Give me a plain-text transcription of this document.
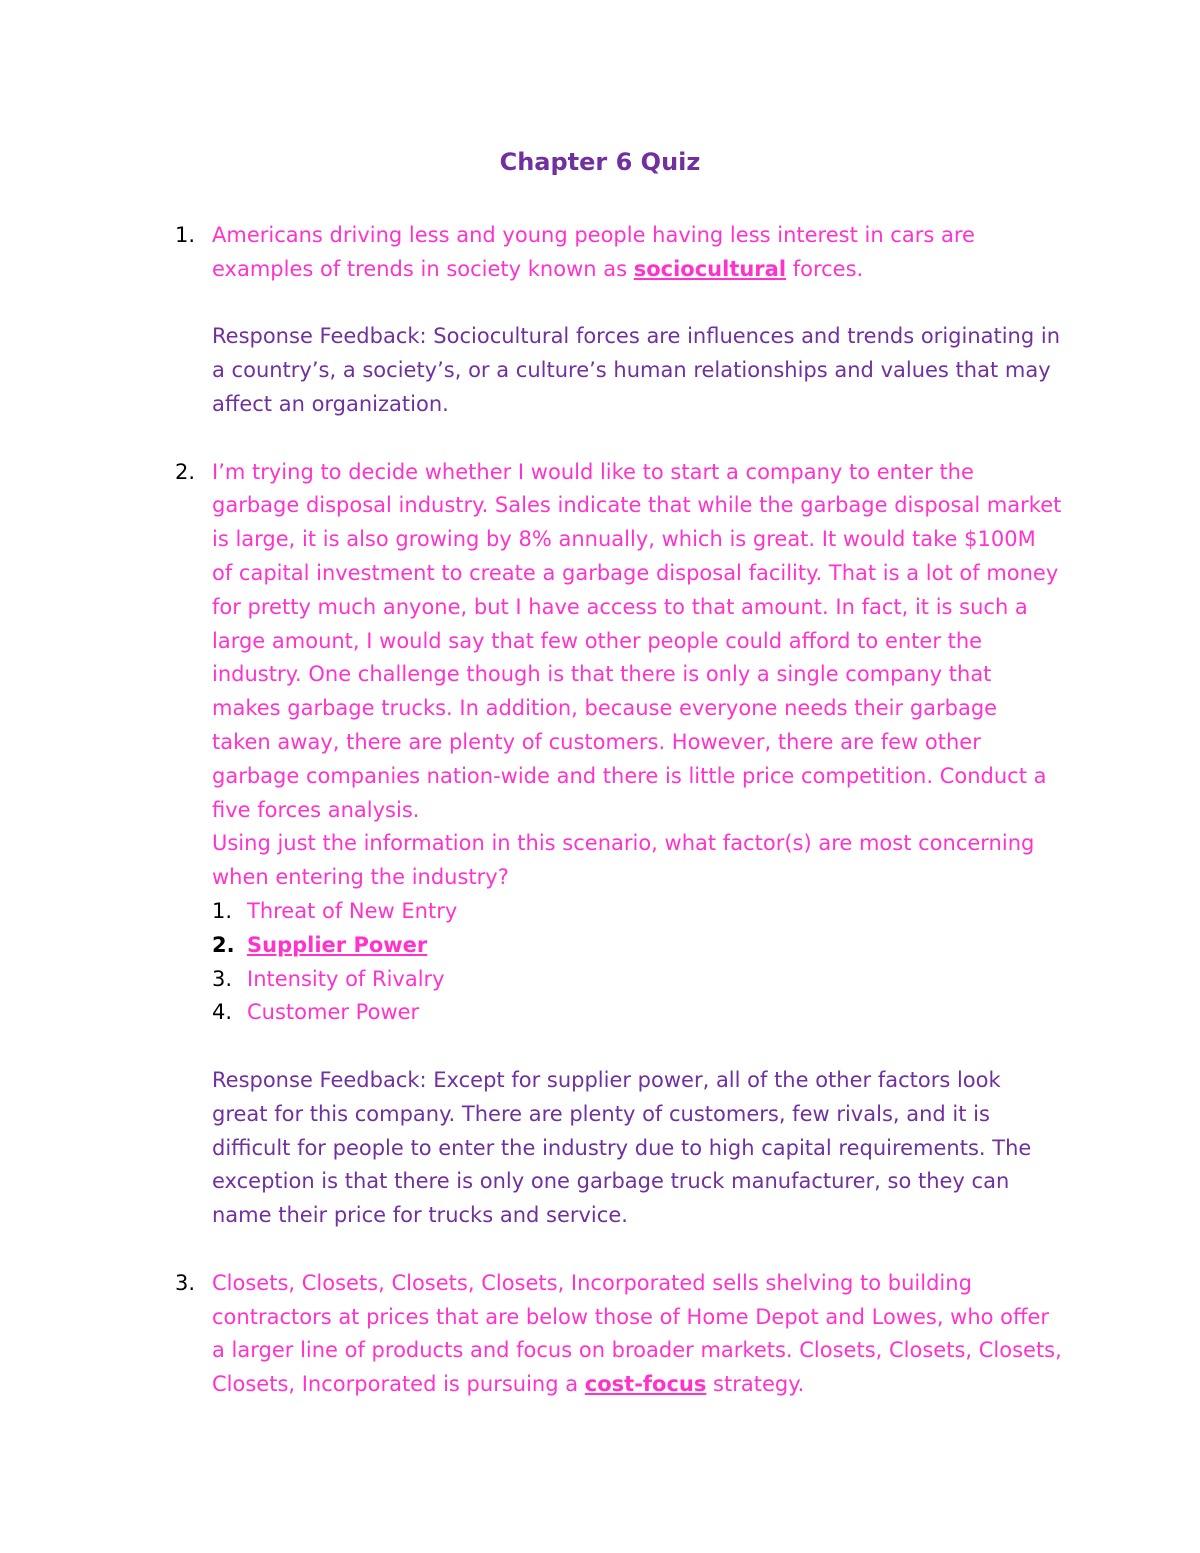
Chapter 6 Quiz
1. Americans driving less and young people having less interest in cars are examples of trends in society known as sociocultural forces.
Response Feedback: Sociocultural forces are influences and trends originating in a country’s, a society’s, or a culture’s human relationships and values that may affect an organization.
2. I’m trying to decide whether I would like to start a company to enter the garbage disposal industry. Sales indicate that while the garbage disposal market is large, it is also growing by 8% annually, which is great. It would take $100M of capital investment to create a garbage disposal facility. That is a lot of money for pretty much anyone, but I have access to that amount. In fact, it is such a large amount, I would say that few other people could afford to enter the industry. One challenge though is that there is only a single company that makes garbage trucks. In addition, because everyone needs their garbage taken away, there are plenty of customers. However, there are few other garbage companies nation-wide and there is little price competition. Conduct a five forces analysis.
Using just the information in this scenario, what factor(s) are most concerning when entering the industry?
1. Threat of New Entry
2. Supplier Power
3. Intensity of Rivalry
4. Customer Power
Response Feedback: Except for supplier power, all of the other factors look great for this company. There are plenty of customers, few rivals, and it is difficult for people to enter the industry due to high capital requirements. The exception is that there is only one garbage truck manufacturer, so they can name their price for trucks and service.
3. Closets, Closets, Closets, Closets, Incorporated sells shelving to building contractors at prices that are below those of Home Depot and Lowes, who offer a larger line of products and focus on broader markets. Closets, Closets, Closets, Closets, Incorporated is pursuing a cost-focus strategy.
